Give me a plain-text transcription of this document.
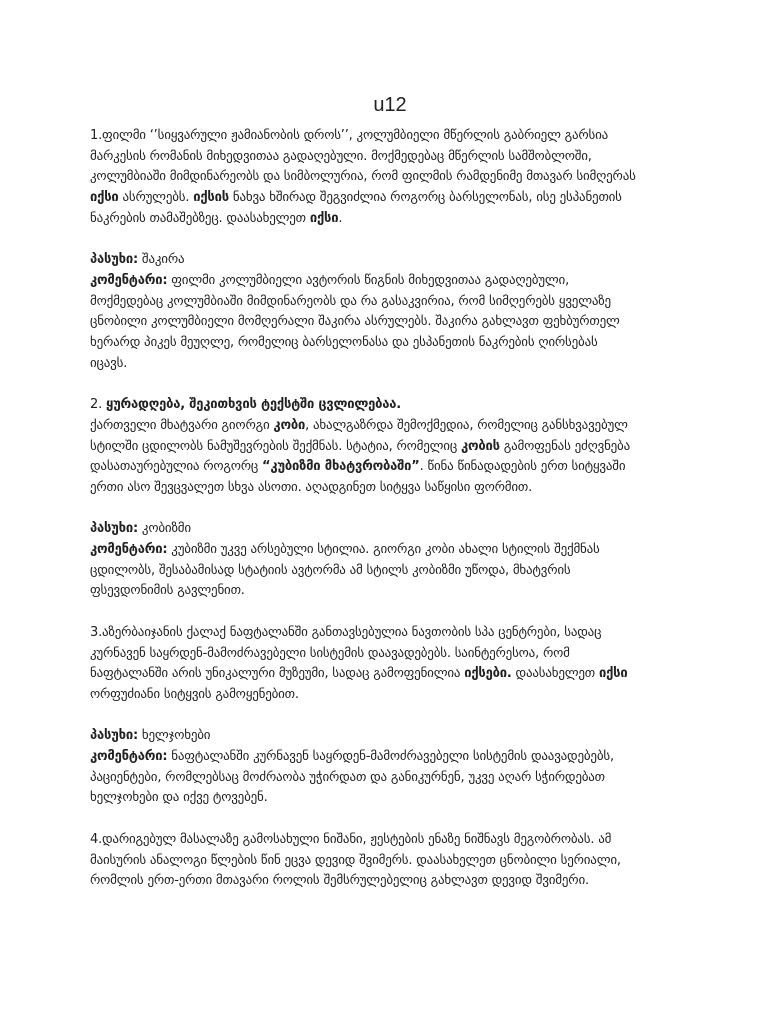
u12
1.ფილმი ‘’სიყვარული ჟამიანობის დროს’’, კოლუმბიელი მწერლის გაბრიელ გარსია
მარკესის რომანის მიხედვითაა გადაღებული. მოქმედებაც მწერლის სამშობლოში,
კოლუმბიაში მიმდინარეობს და სიმბოლურია, რომ ფილმის რამდენიმე მთავარ სიმღერას
იქსი ასრულებს. იქსის ნახვა ხშირად შეგვიძლია როგორც ბარსელონას, ისე ესპანეთის
ნაკრების თამაშებზეც. დაასახელეთ იქსი.
პასუხი: შაკირა
კომენტარი: ფილმი კოლუმბიელი ავტორის წიგნის მიხედვითაა გადაღებული,
მოქმედებაც კოლუმბიაში მიმდინარეობს და რა გასაკვირია, რომ სიმღერებს ყველაზე
ცნობილი კოლუმბიელი მომღერალი შაკირა ასრულებს. შაკირა გახლავთ ფეხბურთელ
ხერარდ პიკეს მეუღლე, რომელიც ბარსელონასა და ესპანეთის ნაკრების ღირსებას
იცავს.
2. ყურადღება, შეკითხვის ტექსტში ცვლილებაა.
ქართველი მხატვარი გიორგი კობი, ახალგაზრდა შემოქმედია, რომელიც განსხვავებულ
სტილში ცდილობს ნამუშევრების შექმნას. სტატია, რომელიც კობის გამოფენას ეძღვნება
დასათაურებულია როგორც “კუბიზმი მხატვრობაში”. წინა წინადადების ერთ სიტყვაში
ერთი ასო შევცვალეთ სხვა ასოთი. აღადგინეთ სიტყვა საწყისი ფორმით.
პასუხი: კობიზმი
კომენტარი: კუბიზმი უკვე არსებული სტილია. გიორგი კობი ახალი სტილის შექმნას
ცდილობს, შესაბამისად სტატიის ავტორმა ამ სტილს კობიზმი უწოდა, მხატვრის
ფსევდონიმის გავლენით.
3.აზერბაიჯანის ქალაქ ნაფტალანში განთავსებულია ნავთობის სპა ცენტრები, სადაც
კურნავენ საყრდენ-მამოძრავებელი სისტემის დაავადებებს. საინტერესოა, რომ
ნაფტალანში არის უნიკალური მუზეუმი, სადაც გამოფენილია იქსები. დაასახელეთ იქსი
ორფუძიანი სიტყვის გამოყენებით.
პასუხი: ხელჯოხები
კომენტარი: ნაფტალანში კურნავენ საყრდენ-მამოძრავებელი სისტემის დაავადებებს,
პაციენტები, რომლებსაც მოძრაობა უჭირდათ და განიკურნენ, უკვე აღარ სჭირდებათ
ხელჯოხები და იქვე ტოვებენ.
4.დარიგებულ მასალაზე გამოსახული ნიშანი, ჟესტების ენაზე ნიშნავს მეგობრობას. ამ
მაისურის ანალოგი წლების წინ ეცვა დევიდ შვიმერს. დაასახელეთ ცნობილი სერიალი,
რომლის ერთ-ერთი მთავარი როლის შემსრულებელიც გახლავთ დევიდ შვიმერი.
